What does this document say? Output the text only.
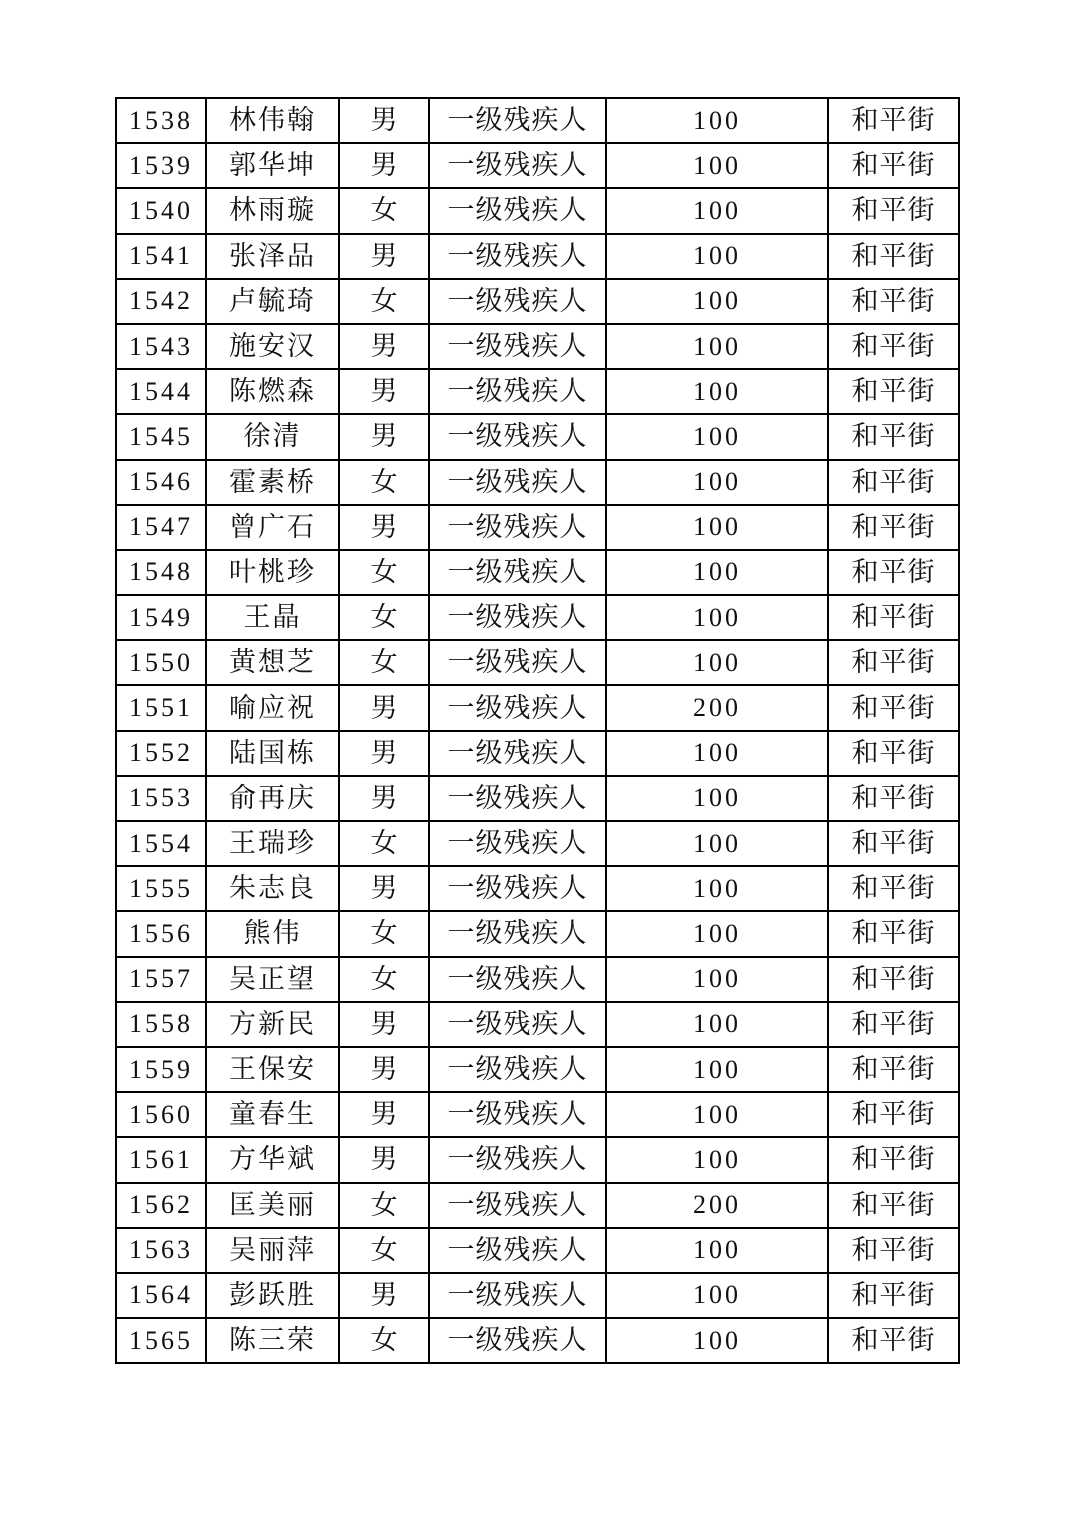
1538	林伟翰	男	一级残疾人	100	和平街
1539	郭华坤	男	一级残疾人	100	和平街
1540	林雨璇	女	一级残疾人	100	和平街
1541	张泽品	男	一级残疾人	100	和平街
1542	卢毓琦	女	一级残疾人	100	和平街
1543	施安汉	男	一级残疾人	100	和平街
1544	陈燃森	男	一级残疾人	100	和平街
1545	徐清	男	一级残疾人	100	和平街
1546	霍素桥	女	一级残疾人	100	和平街
1547	曾广石	男	一级残疾人	100	和平街
1548	叶桃珍	女	一级残疾人	100	和平街
1549	王晶	女	一级残疾人	100	和平街
1550	黄想芝	女	一级残疾人	100	和平街
1551	喻应祝	男	一级残疾人	200	和平街
1552	陆国栋	男	一级残疾人	100	和平街
1553	俞再庆	男	一级残疾人	100	和平街
1554	王瑞珍	女	一级残疾人	100	和平街
1555	朱志良	男	一级残疾人	100	和平街
1556	熊伟	女	一级残疾人	100	和平街
1557	吴正望	女	一级残疾人	100	和平街
1558	方新民	男	一级残疾人	100	和平街
1559	王保安	男	一级残疾人	100	和平街
1560	童春生	男	一级残疾人	100	和平街
1561	方华斌	男	一级残疾人	100	和平街
1562	匡美丽	女	一级残疾人	200	和平街
1563	吴丽萍	女	一级残疾人	100	和平街
1564	彭跃胜	男	一级残疾人	100	和平街
1565	陈三荣	女	一级残疾人	100	和平街
